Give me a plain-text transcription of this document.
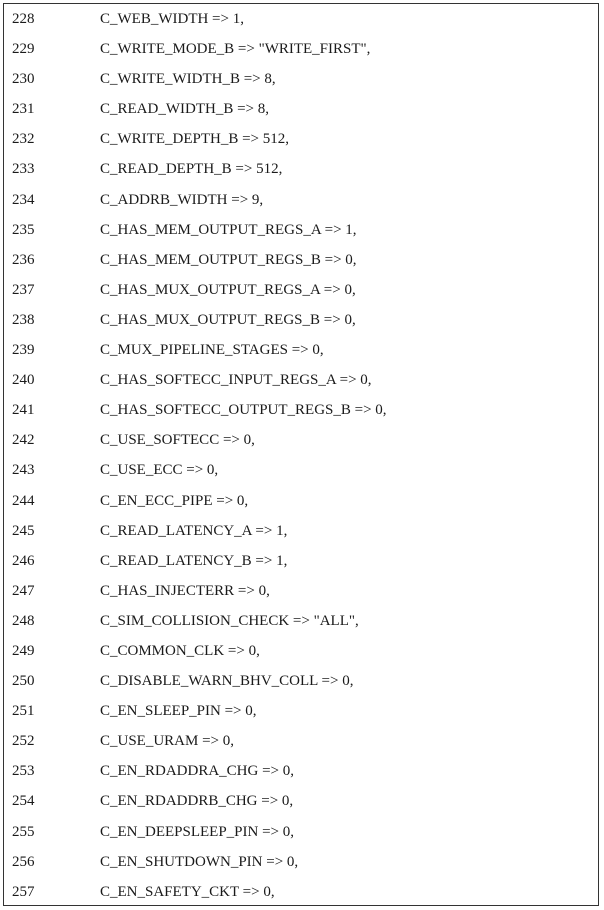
228	C_WEB_WIDTH => 1,
229	C_WRITE_MODE_B => "WRITE_FIRST",
230	C_WRITE_WIDTH_B => 8,
231	C_READ_WIDTH_B => 8,
232	C_WRITE_DEPTH_B => 512,
233	C_READ_DEPTH_B => 512,
234	C_ADDRB_WIDTH => 9,
235	C_HAS_MEM_OUTPUT_REGS_A => 1,
236	C_HAS_MEM_OUTPUT_REGS_B => 0,
237	C_HAS_MUX_OUTPUT_REGS_A => 0,
238	C_HAS_MUX_OUTPUT_REGS_B => 0,
239	C_MUX_PIPELINE_STAGES => 0,
240	C_HAS_SOFTECC_INPUT_REGS_A => 0,
241	C_HAS_SOFTECC_OUTPUT_REGS_B => 0,
242	C_USE_SOFTECC => 0,
243	C_USE_ECC => 0,
244	C_EN_ECC_PIPE => 0,
245	C_READ_LATENCY_A => 1,
246	C_READ_LATENCY_B => 1,
247	C_HAS_INJECTERR => 0,
248	C_SIM_COLLISION_CHECK => "ALL",
249	C_COMMON_CLK => 0,
250	C_DISABLE_WARN_BHV_COLL => 0,
251	C_EN_SLEEP_PIN => 0,
252	C_USE_URAM => 0,
253	C_EN_RDADDRA_CHG => 0,
254	C_EN_RDADDRB_CHG => 0,
255	C_EN_DEEPSLEEP_PIN => 0,
256	C_EN_SHUTDOWN_PIN => 0,
257	C_EN_SAFETY_CKT => 0,
